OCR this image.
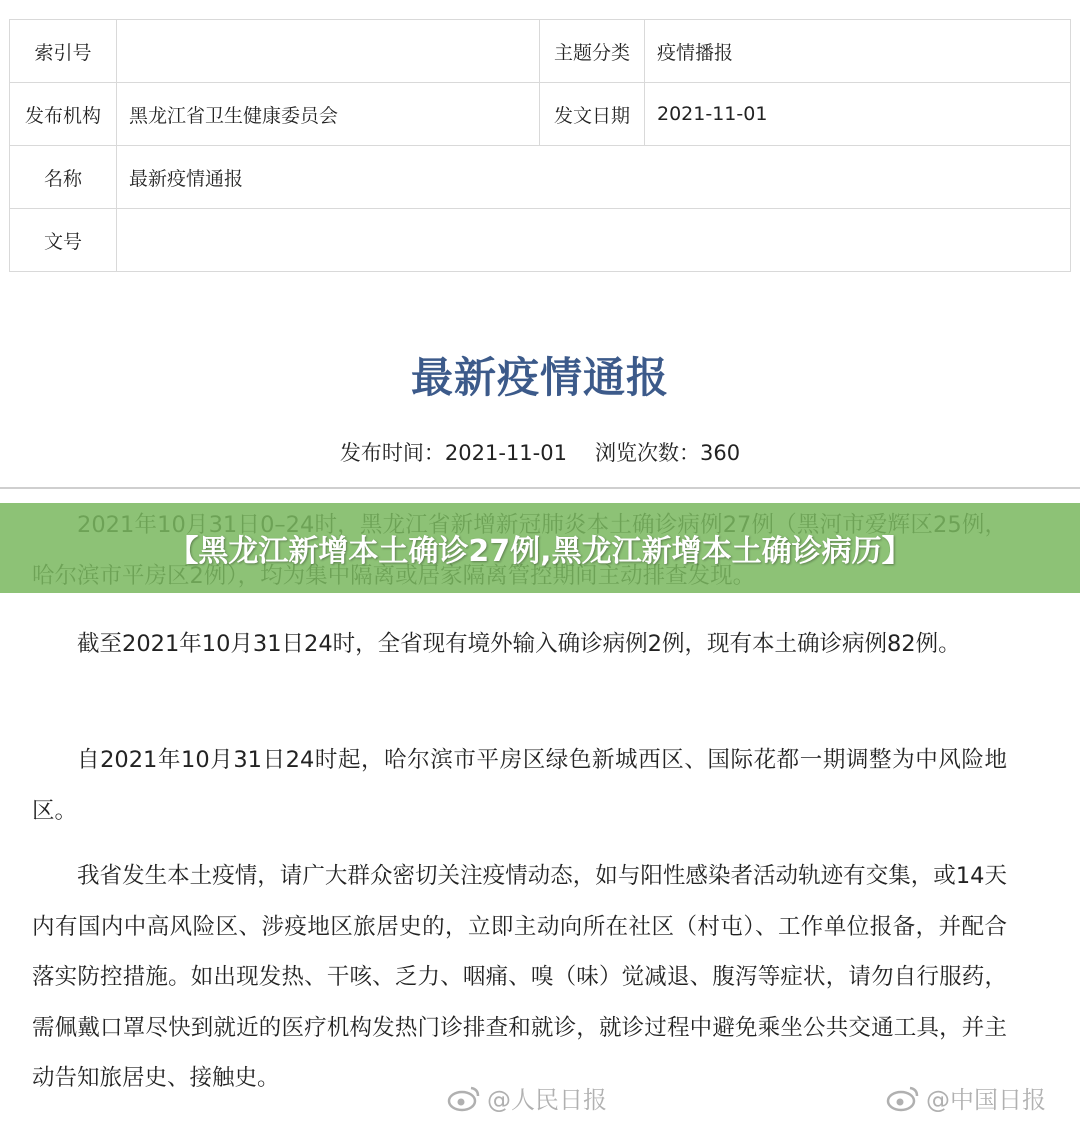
索引号		主题分类	疫情播报
发布机构	黑龙江省卫生健康委员会	发文日期	2021-11-01
名称	最新疫情通报		
文号			
最新疫情通报
发布时间：2021-11-01 浏览次数：360

截至2021年10月31日24时，全省现有境外输入确诊病例2例，现有本土确诊病例82例。

自2021年10月31日24时起，哈尔滨市平房区绿色新城西区、国际花都一期调整为中风险地区。

我省发生本土疫情，请广大群众密切关注疫情动态，如与阳性感染者活动轨迹有交集，或14天内有国内中高风险区、涉疫地区旅居史的，立即主动向所在社区（村屯）、工作单位报备，并配合落实防控措施。如出现发热、干咳、乏力、咽痛、嗅（味）觉减退、腹泻等症状，请勿自行服药，需佩戴口罩尽快到就近的医疗机构发热门诊排查和就诊，就诊过程中避免乘坐公共交通工具，并主动告知旅居史、接触史。

【黑龙江新增本土确诊27例,黑龙江新增本土确诊病历】
@人民日报	@中国日报
